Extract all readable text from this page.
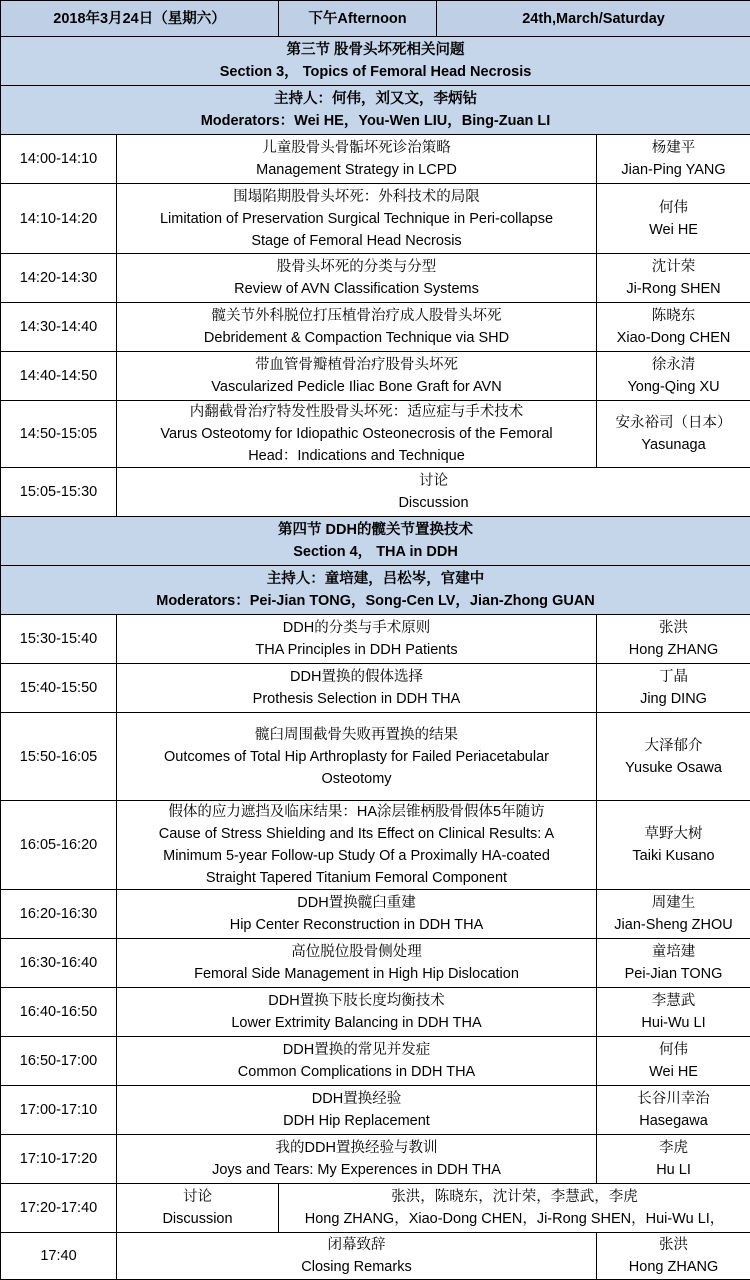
2018年3月24日（星期六）		下午Afternoon	24th,March/Saturday	

第三节 股骨头坏死相关问题
Section 3， Topics of Femoral Head Necrosis				

主持人：何伟，刘又文，李炳钻
Moderators：Wei HE，You-Wen LIU，Bing-Zuan LI				

14:00-14:10	儿童股骨头骨骺坏死诊治策略
Management Strategy in LCPD			杨建平
Jian-Ping YANG

14:10-14:20	围塌陷期股骨头坏死：外科技术的局限
Limitation of Preservation Surgical Technique in Peri-collapse
Stage of Femoral Head Necrosis			何伟
Wei HE

14:20-14:30	股骨头坏死的分类与分型
Review of AVN Classification Systems			沈计荣
Ji-Rong SHEN

14:30-14:40	髋关节外科脱位打压植骨治疗成人股骨头坏死
Debridement & Compaction Technique via SHD			陈晓东
Xiao-Dong CHEN

14:40-14:50	带血管骨瓣植骨治疗股骨头坏死
Vascularized Pedicle Iliac Bone Graft for AVN			徐永清
Yong-Qing XU

14:50-15:05	内翻截骨治疗特发性股骨头坏死：适应症与手术技术
Varus Osteotomy for Idiopathic Osteonecrosis of the Femoral
Head：Indications and Technique			安永裕司（日本）
Yasunaga

15:05-15:30	讨论
Discussion			

第四节 DDH的髋关节置换技术
Section 4， THA in DDH				

主持人：童培建，吕松岑，官建中
Moderators：Pei-Jian TONG，Song-Cen LV，Jian-Zhong GUAN				

15:30-15:40	DDH的分类与手术原则
THA Principles in DDH Patients			张洪
Hong ZHANG

15:40-15:50	DDH置换的假体选择
Prothesis Selection in DDH THA			丁晶
Jing DING

15:50-16:05	髋臼周围截骨失败再置换的结果
Outcomes of Total Hip Arthroplasty for Failed Periacetabular
Osteotomy			大泽郁介
Yusuke Osawa

16:05-16:20	假体的应力遮挡及临床结果：HA涂层锥柄股骨假体5年随访
Cause of Stress Shielding and Its Effect on Clinical Results: A
Minimum 5-year Follow-up Study Of a Proximally HA-coated
Straight Tapered Titanium Femoral Component			草野大树
Taiki Kusano

16:20-16:30	DDH置换髋臼重建
Hip Center Reconstruction in DDH THA			周建生
Jian-Sheng ZHOU

16:30-16:40	高位脱位股骨侧处理
Femoral Side Management in High Hip Dislocation			童培建
Pei-Jian TONG

16:40-16:50	DDH置换下肢长度均衡技术
Lower Extrimity Balancing in DDH THA			李慧武
Hui-Wu LI

16:50-17:00	DDH置换的常见并发症
Common Complications in DDH THA			何伟
Wei HE

17:00-17:10	DDH置换经验
DDH Hip Replacement			长谷川幸治
Hasegawa

17:10-17:20	我的DDH置换经验与教训
Joys and Tears: My Experences in DDH THA			李虎
Hu LI

17:20-17:40	讨论
Discussion	张洪，陈晓东，沈计荣，李慧武，李虎
Hong ZHANG，Xiao-Dong CHEN，Ji-Rong SHEN，Hui-Wu LI，		

17:40	闭幕致辞
Closing Remarks			张洪
Hong ZHANG
